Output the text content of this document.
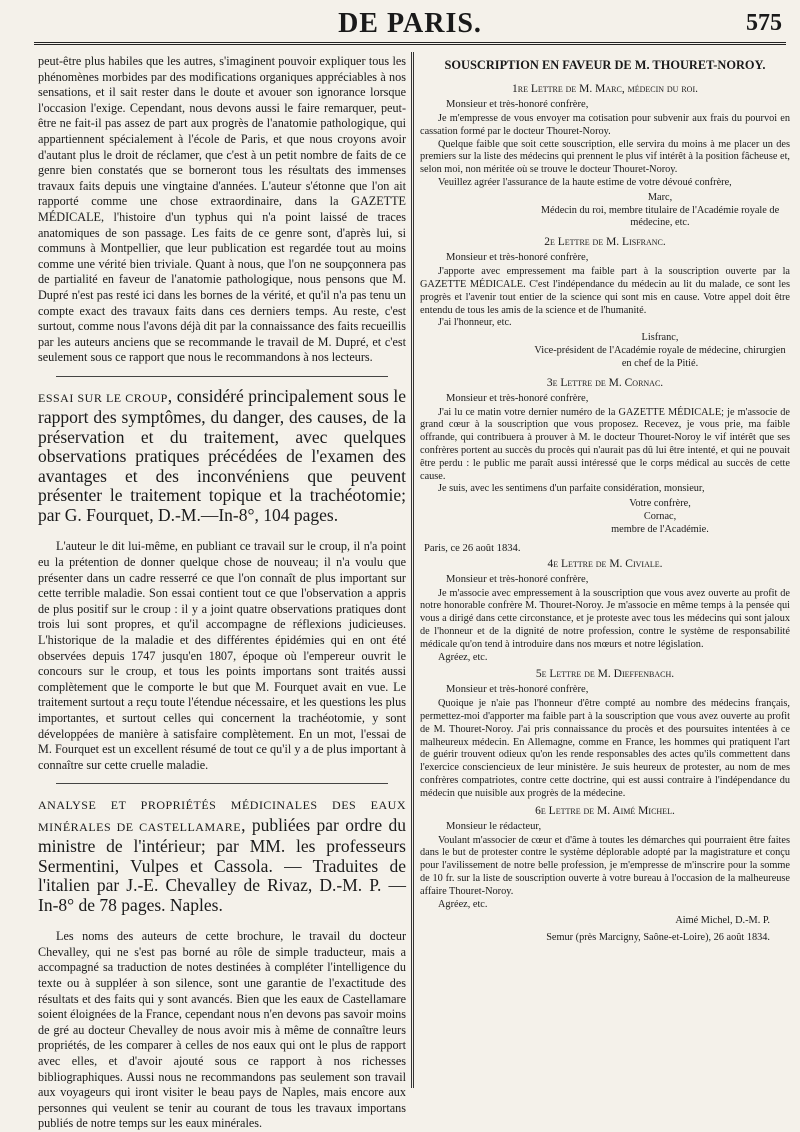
DE PARIS.	575

peut-être plus habiles que les autres, s'imaginent pouvoir expliquer tous les phénomènes morbides par des modifications organiques appréciables à nos sensations, et il sait rester dans le doute et avouer son ignorance lorsque l'occasion l'exige. Cependant, nous devons aussi le faire remarquer, peut-être ne fait-il pas assez de part aux progrès de l'anatomie pathologique, qui appartiennent spécialement à l'école de Paris, et que nous croyons avoir d'autant plus le droit de réclamer, que c'est à un petit nombre de faits de ce genre bien constatés que se borneront tous les résultats des immenses travaux faits depuis une vingtaine d'années. L'auteur s'étonne que l'on ait rapporté comme une chose extraordinaire, dans la GAZETTE MÉDICALE, l'histoire d'un typhus qui n'a point laissé de traces anatomiques de son passage. Les faits de ce genre sont, d'après lui, si communs à Montpellier, que leur publication est regardée tout au moins comme une vérité bien triviale. Quant à nous, que l'on ne soupçonnera pas de partialité en faveur de l'anatomie pathologique, nous pensons que M. Dupré n'est pas resté ici dans les bornes de la vérité, et qu'il n'a pas tenu un compte exact des travaux faits dans ces derniers temps. Au reste, c'est surtout, comme nous l'avons déjà dit par la connaissance des faits recueillis par les auteurs anciens que se recommande le travail de M. Dupré, et c'est seulement sous ce rapport que nous le recommandons à nos lecteurs.

ESSAI SUR LE CROUP, considéré principalement sous le rapport des symptômes, du danger, des causes, de la préservation et du traitement, avec quelques observations pratiques précédées de l'examen des avantages et des inconvéniens que peuvent présenter le traitement topique et la trachéotomie; par G. Fourquet, D.-M.—In-8°, 104 pages.

L'auteur le dit lui-même, en publiant ce travail sur le croup, il n'a point eu la prétention de donner quelque chose de nouveau; il n'a voulu que présenter dans un cadre resserré ce que l'on connaît de plus important sur cette terrible maladie. Son essai contient tout ce que l'observation a appris de plus positif sur le croup : il y a joint quatre observations pratiques dont trois lui sont propres, et qu'il accompagne de réflexions judicieuses. L'historique de la maladie et des différentes épidémies qui en ont été observées depuis 1747 jusqu'en 1807, époque où l'empereur ouvrit le concours sur le croup, et tous les points importans sont traités aussi complètement que le comporte le but que M. Fourquet avait en vue. Le traitement surtout a reçu toute l'étendue nécessaire, et les questions les plus importantes, et surtout celles qui concernent la trachéotomie, y sont développées de manière à satisfaire complètement. En un mot, l'essai de M. Fourquet est un excellent résumé de tout ce qu'il y a de plus important à connaître sur cette cruelle maladie.

ANALYSE ET PROPRIÉTÉS MÉDICINALES DES EAUX MINÉRALES DE CASTELLAMARE, publiées par ordre du ministre de l'intérieur; par MM. les professeurs Sermentini, Vulpes et Cassola. — Traduites de l'italien par J.-E. Chevalley de Rivaz, D.-M. P. — In-8° de 78 pages. Naples.

Les noms des auteurs de cette brochure, le travail du docteur Chevalley, qui ne s'est pas borné au rôle de simple traducteur, mais a accompagné sa traduction de notes destinées à compléter l'intelligence du texte ou à suppléer à son silence, sont une garantie de l'exactitude des résultats et des faits qui y sont avancés. Bien que les eaux de Castellamare soient éloignées de la France, cependant nous n'en devons pas savoir moins de gré au docteur Chevalley de nous avoir mis à même de connaître leurs propriétés, de les comparer à celles de nos eaux qui ont le plus de rapport avec elles, et d'avoir ajouté sous ce rapport à nos richesses bibliographiques. Aussi nous ne recommandons pas seulement son travail aux voyageurs qui iront visiter le beau pays de Naples, mais encore aux personnes qui veulent se tenir au courant de tous les travaux importans publiés de notre temps sur les eaux minérales.

SOUSCRIPTION EN FAVEUR DE M. THOURET-NOROY.
1re Lettre de M. Marc, médecin du roi.
Monsieur et très-honoré confrère,

Je m'empresse de vous envoyer ma cotisation pour subvenir aux frais du pourvoi en cassation formé par le docteur Thouret-Noroy.

Quelque faible que soit cette souscription, elle servira du moins à me placer un des premiers sur la liste des médecins qui prennent le plus vif intérêt à la position fâcheuse et, selon moi, non méritée où se trouve le docteur Thouret-Noroy.

Veuillez agréer l'assurance de la haute estime de votre dévoué confrère,

Marc,
Médecin du roi, membre titulaire de l'Académie royale de médecine, etc.
2e Lettre de M. Lisfranc.
Monsieur et très-honoré confrère,

J'apporte avec empressement ma faible part à la souscription ouverte par la GAZETTE MÉDICALE. C'est l'indépendance du médecin au lit du malade, ce sont les progrès et l'avenir tout entier de la science qui sont mis en cause. Votre appel doit être entendu de tous les amis de la science et de l'humanité.

J'ai l'honneur, etc.

Lisfranc,
Vice-président de l'Académie royale de médecine, chirurgien en chef de la Pitié.
3e Lettre de M. Cornac.
Monsieur et très-honoré confrère,

J'ai lu ce matin votre dernier numéro de la GAZETTE MÉDICALE; je m'associe de grand cœur à la souscription que vous proposez. Recevez, je vous prie, ma faible offrande, qui contribuera à prouver à M. le docteur Thouret-Noroy le vif intérêt que ses confrères portent au succès du procès qui n'aurait pas dû lui être intenté, et qui ne pouvait être perdu : le public me paraît aussi intéressé que le corps médical au succès de cette cause.

Je suis, avec les sentimens d'un parfaite considération, monsieur,

Votre confrère,
Cornac,
membre de l'Académie.
Paris, ce 26 août 1834.
4e Lettre de M. Civiale.
Monsieur et très-honoré confrère,

Je m'associe avec empressement à la souscription que vous avez ouverte au profit de notre honorable confrère M. Thouret-Noroy. Je m'associe en même temps à la pensée qui vous a dirigé dans cette circonstance, et je proteste avec tous les médecins qui sont jaloux de l'honneur et de la dignité de notre profession, contre le système de responsabilité médicale qu'on tend à introduire dans nos mœurs et notre législation.

Agréez, etc.

5e Lettre de M. Dieffenbach.
Monsieur et très-honoré confrère,

Quoique je n'aie pas l'honneur d'être compté au nombre des médecins français, permettez-moi d'apporter ma faible part à la souscription que vous avez ouverte au profit de M. Thouret-Noroy. J'ai pris connaissance du procès et des poursuites intentées à ce malheureux médecin. En Allemagne, comme en France, les hommes qui pratiquent l'art de guérir trouvent odieux qu'on les rende responsables des actes qu'ils commettent dans l'exercice consciencieux de leur ministère. Je suis heureux de protester, au nom de mes confrères compatriotes, contre cette doctrine, qui est aussi contraire à l'indépendance du médecin que nuisible aux progrès de la médecine.

6e Lettre de M. Aimé Michel.
Monsieur le rédacteur,

Voulant m'associer de cœur et d'âme à toutes les démarches qui pourraient être faites dans le but de protester contre le système déplorable adopté par la magistrature et conçu pour l'avilissement de notre belle profession, je m'empresse de m'inscrire pour la somme de 10 fr. sur la liste de souscription ouverte à votre bureau à l'occasion de la malheureuse affaire Thouret-Noroy.

Agréez, etc.

Aimé Michel, D.-M. P.
Semur (près Marcigny, Saône-et-Loire), 26 août 1834.
